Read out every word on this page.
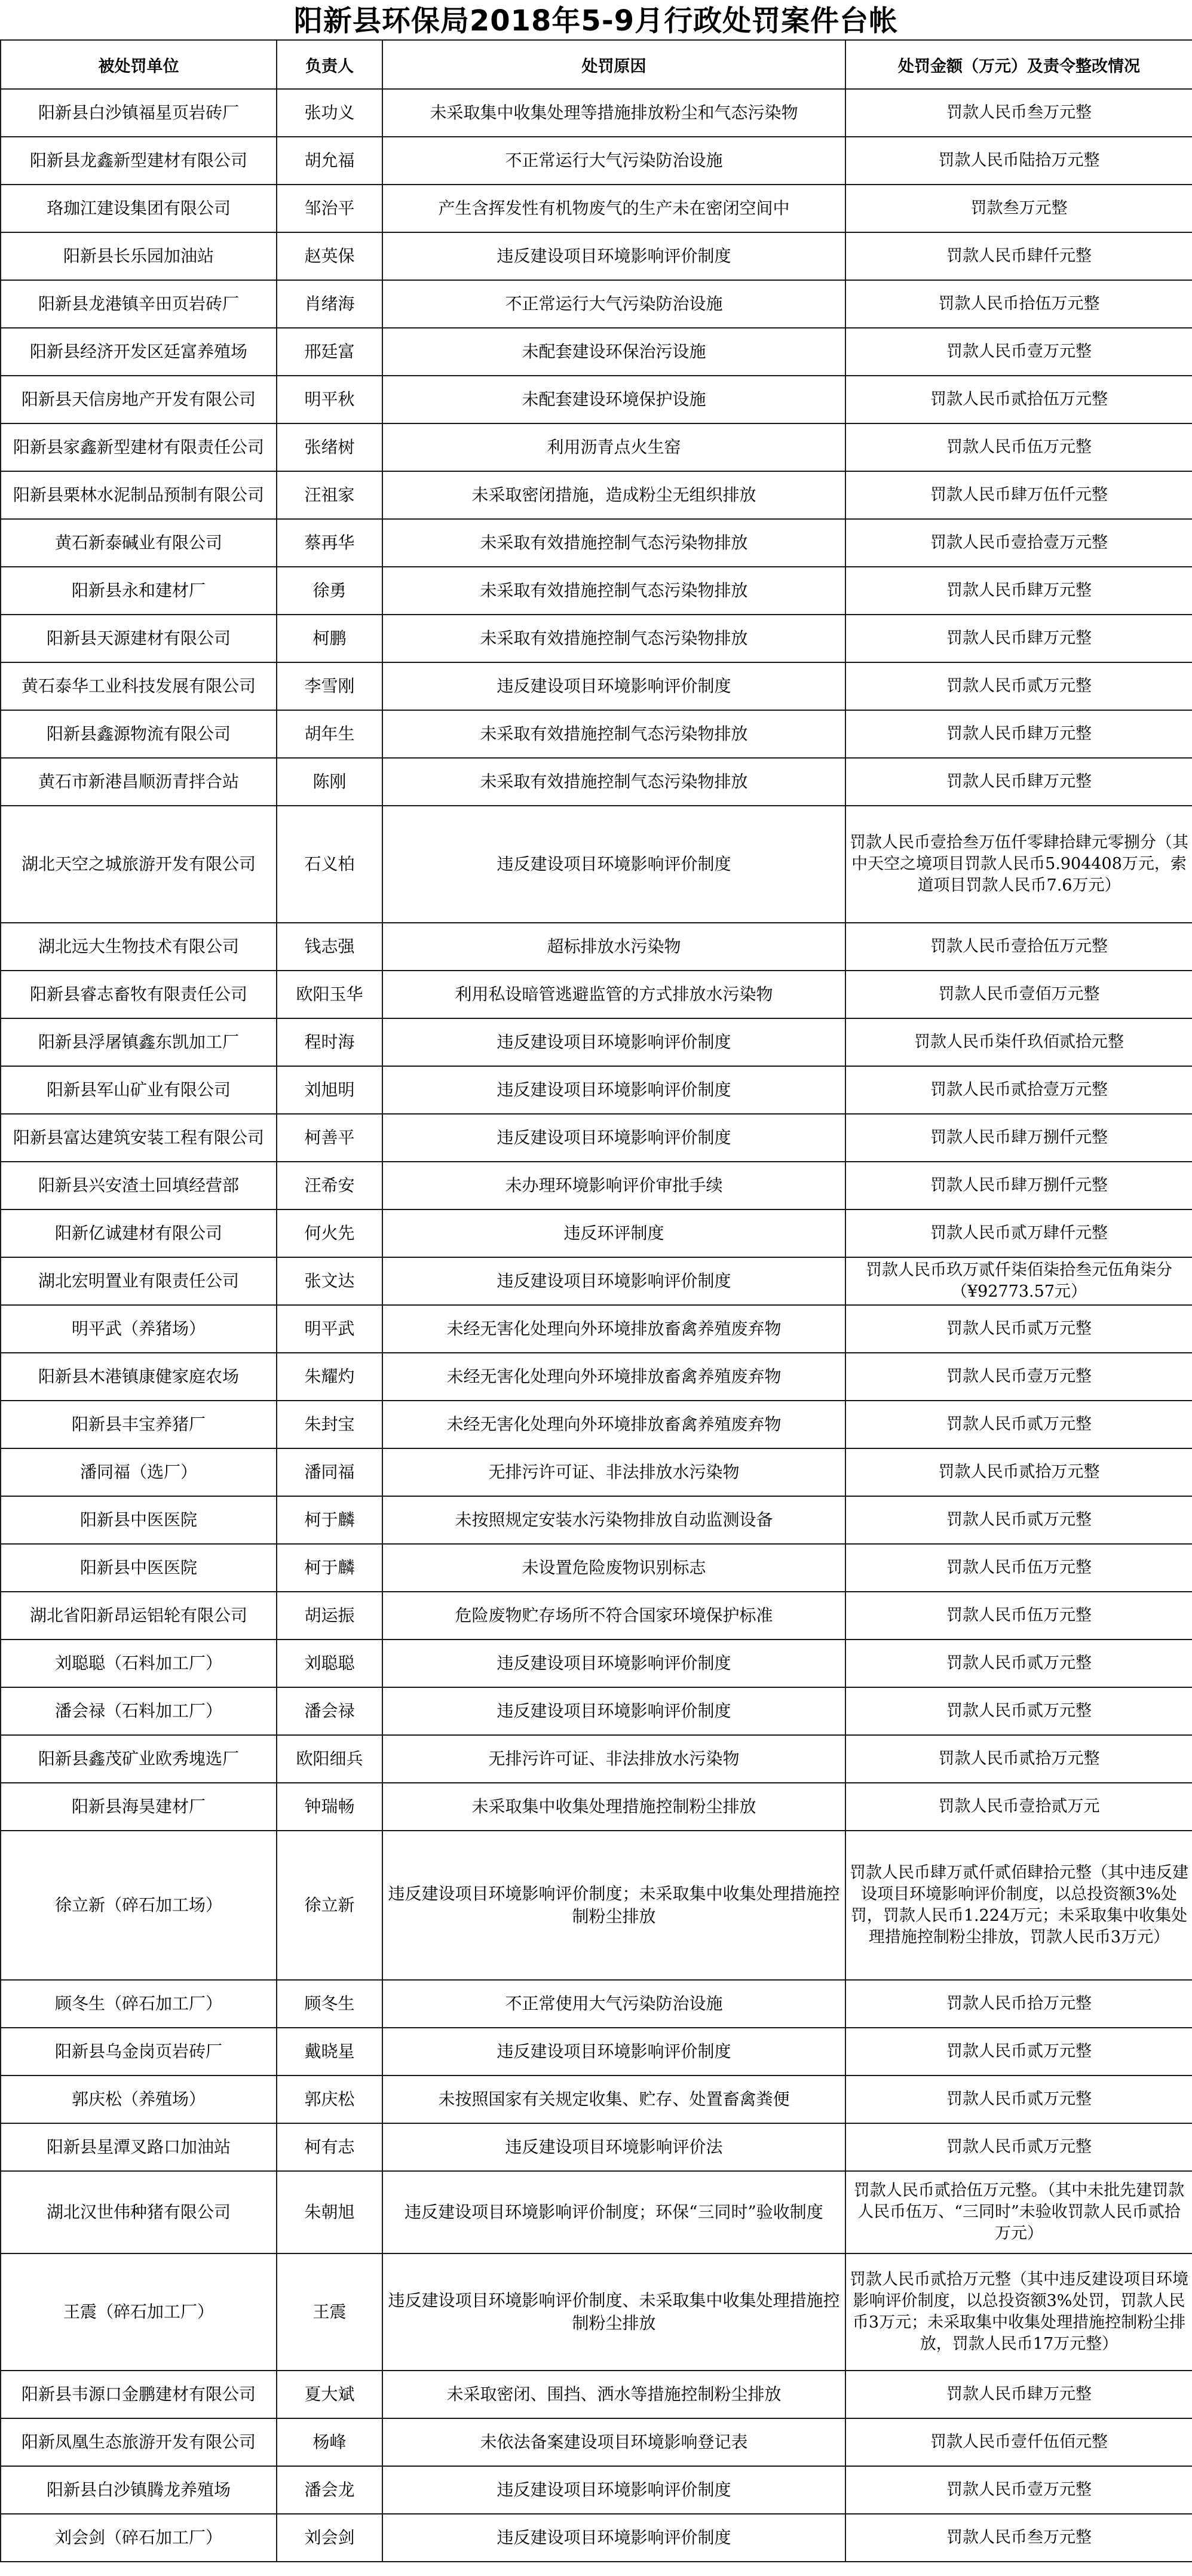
阳新县环保局2018年5-9月行政处罚案件台帐
被处罚单位	负责人	处罚原因	处罚金额（万元）及责令整改情况
阳新县白沙镇福星页岩砖厂	张功义	未采取集中收集处理等措施排放粉尘和气态污染物	罚款人民币叁万元整
阳新县龙鑫新型建材有限公司	胡允福	不正常运行大气污染防治设施	罚款人民币陆拾万元整
珞珈江建设集团有限公司	邹治平	产生含挥发性有机物废气的生产未在密闭空间中	罚款叁万元整
阳新县长乐园加油站	赵英保	违反建设项目环境影响评价制度	罚款人民币肆仟元整
阳新县龙港镇辛田页岩砖厂	肖绪海	不正常运行大气污染防治设施	罚款人民币拾伍万元整
阳新县经济开发区廷富养殖场	邢廷富	未配套建设环保治污设施	罚款人民币壹万元整
阳新县天信房地产开发有限公司	明平秋	未配套建设环境保护设施	罚款人民币贰拾伍万元整
阳新县家鑫新型建材有限责任公司	张绪树	利用沥青点火生窑	罚款人民币伍万元整
阳新县栗林水泥制品预制有限公司	汪祖家	未采取密闭措施，造成粉尘无组织排放	罚款人民币肆万伍仟元整
黄石新泰碱业有限公司	蔡再华	未采取有效措施控制气态污染物排放	罚款人民币壹拾壹万元整
阳新县永和建材厂	徐勇	未采取有效措施控制气态污染物排放	罚款人民币肆万元整
阳新县天源建材有限公司	柯鹏	未采取有效措施控制气态污染物排放	罚款人民币肆万元整
黄石泰华工业科技发展有限公司	李雪刚	违反建设项目环境影响评价制度	罚款人民币贰万元整
阳新县鑫源物流有限公司	胡年生	未采取有效措施控制气态污染物排放	罚款人民币肆万元整
黄石市新港昌顺沥青拌合站	陈刚	未采取有效措施控制气态污染物排放	罚款人民币肆万元整
湖北天空之城旅游开发有限公司	石义柏	违反建设项目环境影响评价制度	罚款人民币壹拾叁万伍仟零肆拾肆元零捌分（其中天空之境项目罚款人民币5.904408万元，索道项目罚款人民币7.6万元）
湖北远大生物技术有限公司	钱志强	超标排放水污染物	罚款人民币壹拾伍万元整
阳新县睿志畜牧有限责任公司	欧阳玉华	利用私设暗管逃避监管的方式排放水污染物	罚款人民币壹佰万元整
阳新县浮屠镇鑫东凯加工厂	程时海	违反建设项目环境影响评价制度	罚款人民币柒仟玖佰贰拾元整
阳新县军山矿业有限公司	刘旭明	违反建设项目环境影响评价制度	罚款人民币贰拾壹万元整
阳新县富达建筑安装工程有限公司	柯善平	违反建设项目环境影响评价制度	罚款人民币肆万捌仟元整
阳新县兴安渣土回填经营部	汪希安	未办理环境影响评价审批手续	罚款人民币肆万捌仟元整
阳新亿诚建材有限公司	何火先	违反环评制度	罚款人民币贰万肆仟元整
湖北宏明置业有限责任公司	张文达	违反建设项目环境影响评价制度	罚款人民币玖万贰仟柒佰柒拾叁元伍角柒分（¥92773.57元）
明平武（养猪场）	明平武	未经无害化处理向外环境排放畜禽养殖废弃物	罚款人民币贰万元整
阳新县木港镇康健家庭农场	朱耀灼	未经无害化处理向外环境排放畜禽养殖废弃物	罚款人民币壹万元整
阳新县丰宝养猪厂	朱封宝	未经无害化处理向外环境排放畜禽养殖废弃物	罚款人民币贰万元整
潘同福（选厂）	潘同福	无排污许可证、非法排放水污染物	罚款人民币贰拾万元整
阳新县中医医院	柯于麟	未按照规定安装水污染物排放自动监测设备	罚款人民币贰万元整
阳新县中医医院	柯于麟	未设置危险废物识别标志	罚款人民币伍万元整
湖北省阳新昂运铝轮有限公司	胡运振	危险废物贮存场所不符合国家环境保护标准	罚款人民币伍万元整
刘聪聪（石料加工厂）	刘聪聪	违反建设项目环境影响评价制度	罚款人民币贰万元整
潘会禄（石料加工厂）	潘会禄	违反建设项目环境影响评价制度	罚款人民币贰万元整
阳新县鑫茂矿业欧秀塊选厂	欧阳细兵	无排污许可证、非法排放水污染物	罚款人民币贰拾万元整
阳新县海昊建材厂	钟瑞畅	未采取集中收集处理措施控制粉尘排放	罚款人民币壹拾贰万元
徐立新（碎石加工场）	徐立新	违反建设项目环境影响评价制度；未采取集中收集处理措施控制粉尘排放	罚款人民币肆万贰仟贰佰肆拾元整（其中违反建设项目环境影响评价制度，以总投资额3%处罚，罚款人民币1.224万元；未采取集中收集处理措施控制粉尘排放，罚款人民币3万元）
顾冬生（碎石加工厂）	顾冬生	不正常使用大气污染防治设施	罚款人民币拾万元整
阳新县乌金岗页岩砖厂	戴晓星	违反建设项目环境影响评价制度	罚款人民币贰万元整
郭庆松（养殖场）	郭庆松	未按照国家有关规定收集、贮存、处置畜禽粪便	罚款人民币贰万元整
阳新县星潭叉路口加油站	柯有志	违反建设项目环境影响评价法	罚款人民币贰万元整
湖北汉世伟种猪有限公司	朱朝旭	违反建设项目环境影响评价制度；环保“三同时”验收制度	罚款人民币贰拾伍万元整。（其中未批先建罚款人民币伍万、“三同时”未验收罚款人民币贰拾万元）
王震（碎石加工厂）	王震	违反建设项目环境影响评价制度、未采取集中收集处理措施控制粉尘排放	罚款人民币贰拾万元整（其中违反建设项目环境影响评价制度，以总投资额3%处罚，罚款人民币3万元；未采取集中收集处理措施控制粉尘排放，罚款人民币17万元整）
阳新县韦源口金鹏建材有限公司	夏大斌	未采取密闭、围挡、洒水等措施控制粉尘排放	罚款人民币肆万元整
阳新凤凰生态旅游开发有限公司	杨峰	未依法备案建设项目环境影响登记表	罚款人民币壹仟伍佰元整
阳新县白沙镇腾龙养殖场	潘会龙	违反建设项目环境影响评价制度	罚款人民币壹万元整
刘会剑（碎石加工厂）	刘会剑	违反建设项目环境影响评价制度	罚款人民币叁万元整
